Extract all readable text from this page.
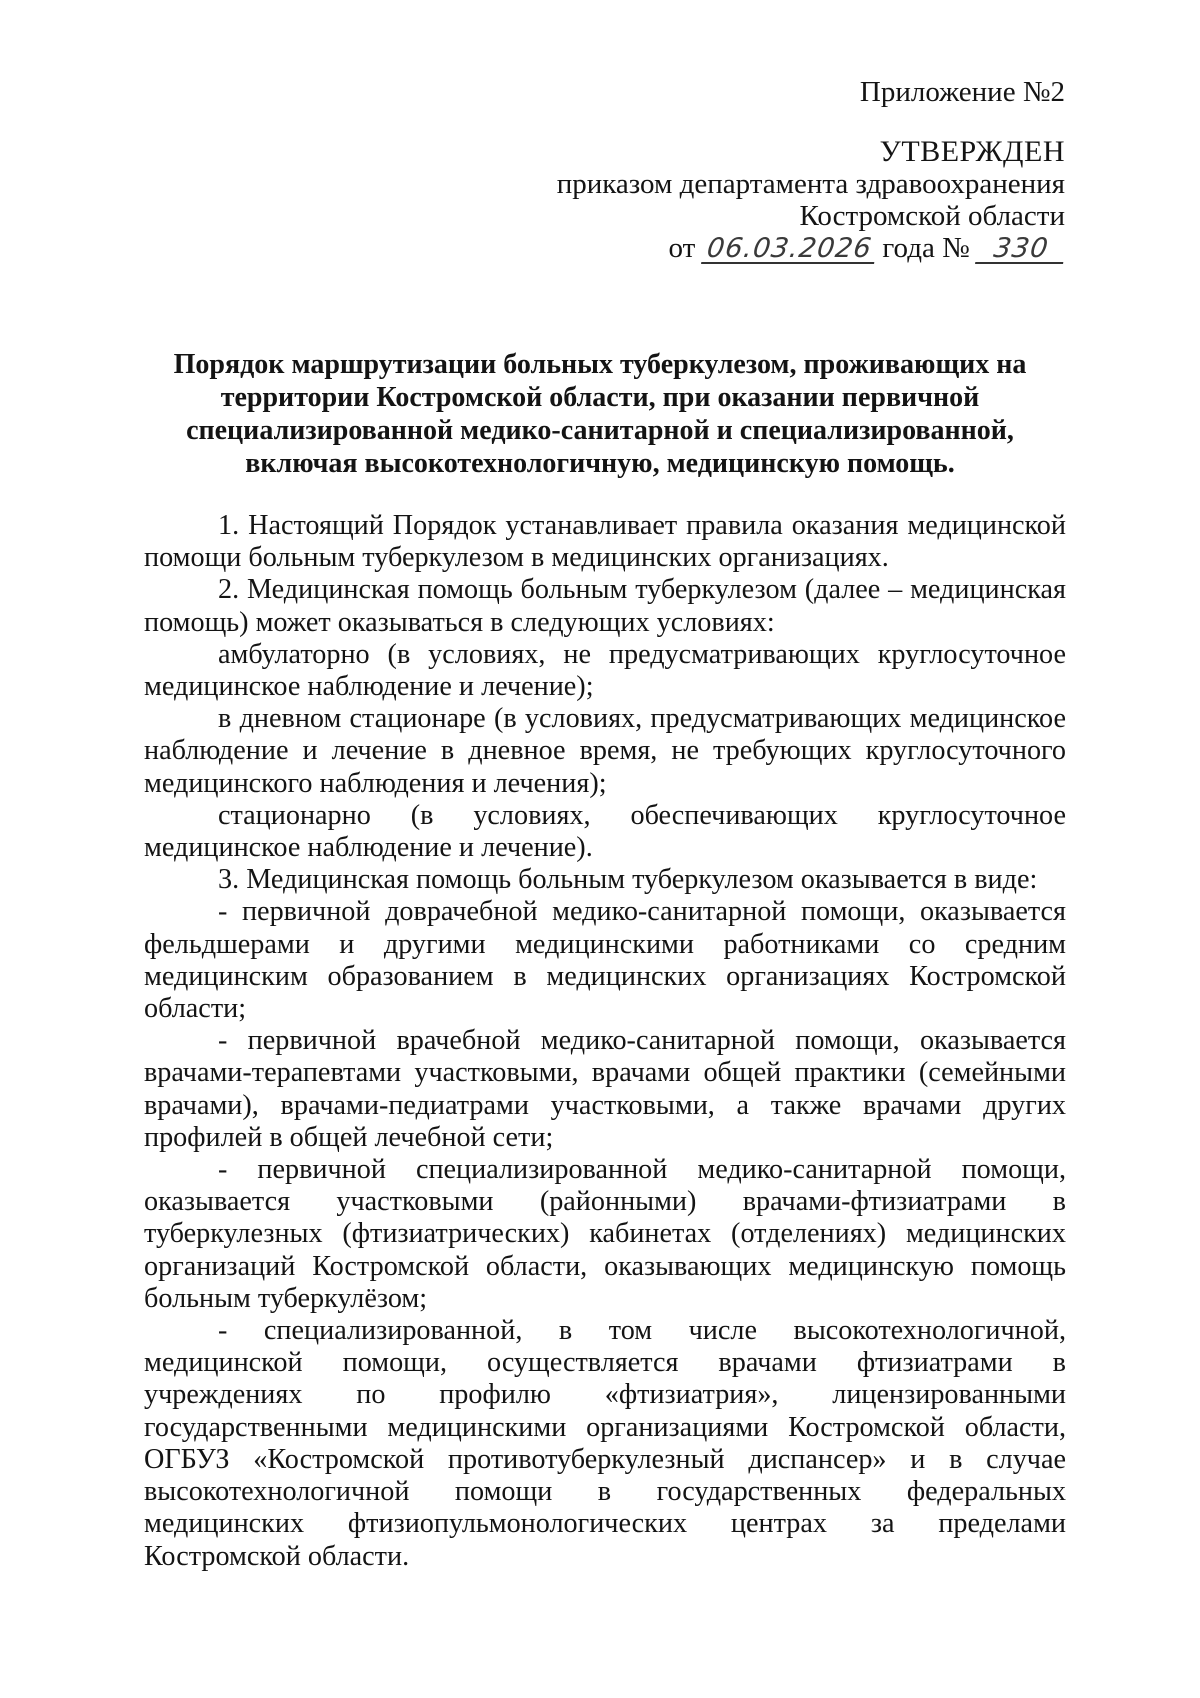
Приложение №2
УТВЕРЖДЕН
приказом департамента здравоохранения
Костромской области
от 06.03.2026 года № 330
Порядок маршрутизации больных туберкулезом, проживающих на территории Костромской области, при оказании первичной специализированной медико-санитарной и специализированной, включая высокотехнологичную, медицинскую помощь.

1. Настоящий Порядок устанавливает правила оказания медицинской помощи больным туберкулезом в медицинских организациях.

2. Медицинская помощь больным туберкулезом (далее – медицинская помощь) может оказываться в следующих условиях:

амбулаторно (в условиях, не предусматривающих круглосуточное медицинское наблюдение и лечение);

в дневном стационаре (в условиях, предусматривающих медицинское наблюдение и лечение в дневное время, не требующих круглосуточного медицинского наблюдения и лечения);

стационарно (в условиях, обеспечивающих круглосуточное медицинское наблюдение и лечение).

3. Медицинская помощь больным туберкулезом оказывается в виде:

- первичной доврачебной медико-санитарной помощи, оказывается фельдшерами и другими медицинскими работниками со средним медицинским образованием в медицинских организациях Костромской области;

- первичной врачебной медико-санитарной помощи, оказывается врачами-терапевтами участковыми, врачами общей практики (семейными врачами), врачами-педиатрами участковыми, а также врачами других профилей в общей лечебной сети;

- первичной специализированной медико-санитарной помощи, оказывается участковыми (районными) врачами-фтизиатрами в туберкулезных (фтизиатрических) кабинетах (отделениях) медицинских организаций Костромской области, оказывающих медицинскую помощь больным туберкулёзом;

- специализированной, в том числе высокотехнологичной, медицинской помощи, осуществляется врачами фтизиатрами в учреждениях по профилю «фтизиатрия», лицензированными государственными медицинскими организациями Костромской области, ОГБУЗ «Костромской противотуберкулезный диспансер» и в случае высокотехнологичной помощи в государственных федеральных медицинских фтизиопульмонологических центрах за пределами Костромской области.
